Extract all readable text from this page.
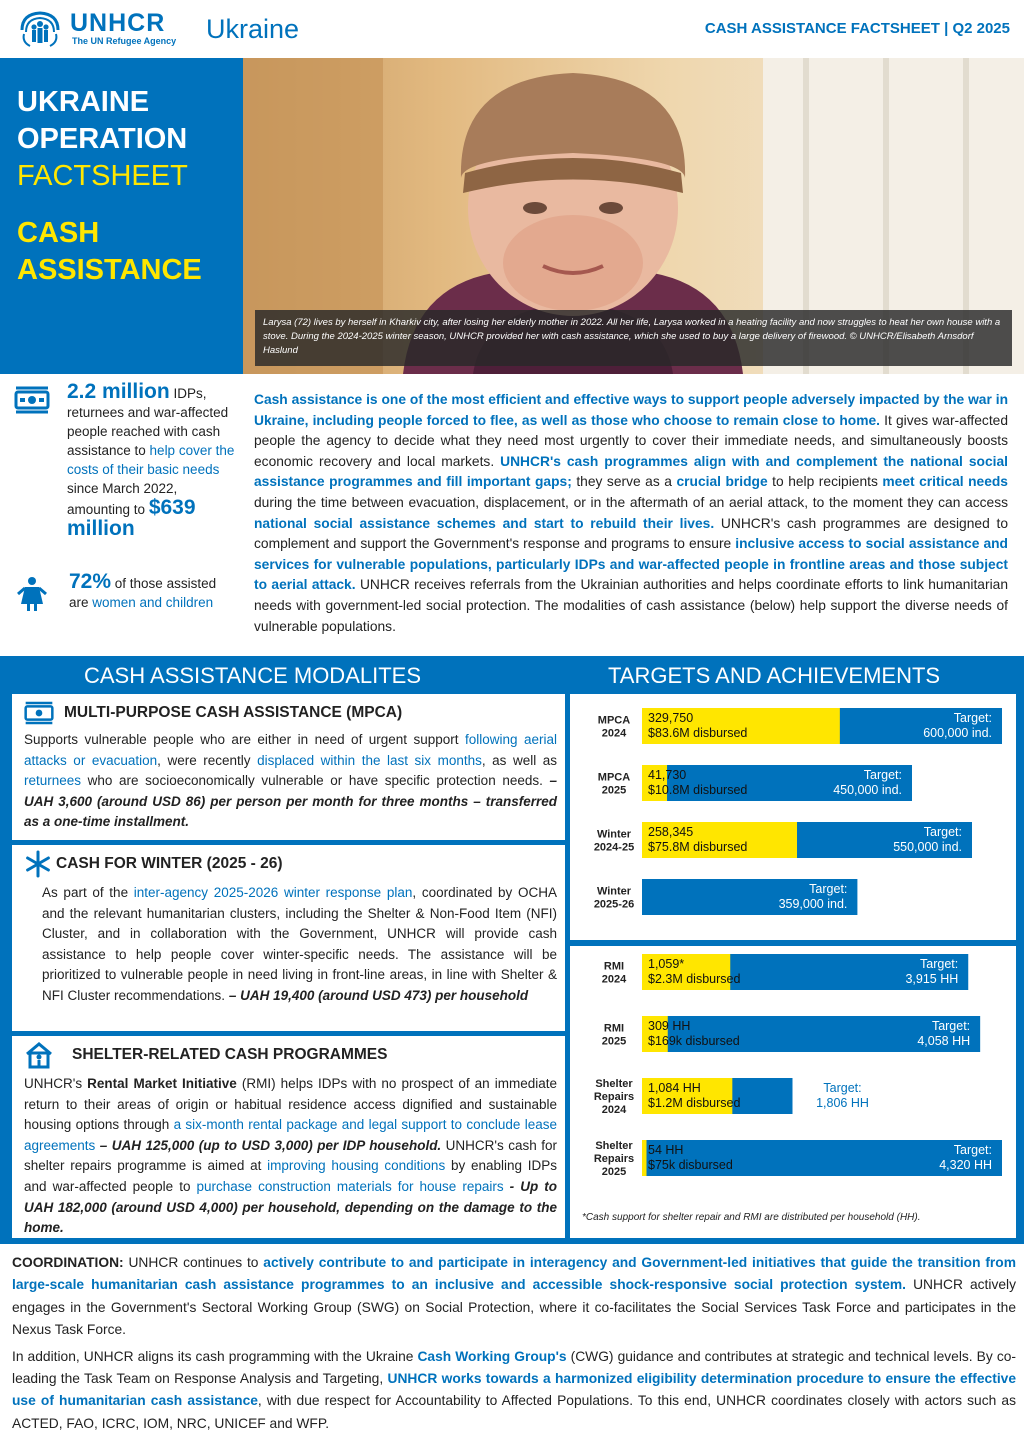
UNHCR
The UN Refugee Agency Ukraine	CASH ASSISTANCE FACTSHEET | Q2 2025
UKRAINE
OPERATION
FACTSHEET
CASH
ASSISTANCE
Larysa (72) lives by herself in Kharkiv city, after losing her elderly mother in 2022. All her life, Larysa worked in a heating facility and now struggles to heat her own house with a stove. During the 2024-2025 winter season, UNHCR provided her with cash assistance, which she used to buy a large delivery of firewood. © UNHCR/Elisabeth Arnsdorf Haslund
2.2 million IDPs, returnees and war-affected people reached with cash assistance to help cover the costs of their basic needs since March 2022, amounting to $639 million
72% of those assisted are women and children
Cash assistance is one of the most efficient and effective ways to support people adversely impacted by the war in Ukraine, including people forced to flee, as well as those who choose to remain close to home. It gives war-affected people the agency to decide what they need most urgently to cover their immediate needs, and simultaneously boosts economic recovery and local markets. UNHCR's cash programmes align with and complement the national social assistance programmes and fill important gaps; they serve as a crucial bridge to help recipients meet critical needs during the time between evacuation, displacement, or in the aftermath of an aerial attack, to the moment they can access national social assistance schemes and start to rebuild their lives. UNHCR's cash programmes are designed to complement and support the Government's response and programs to ensure inclusive access to social assistance and services for vulnerable populations, particularly IDPs and war-affected people in frontline areas and those subject to aerial attack. UNHCR receives referrals from the Ukrainian authorities and helps coordinate efforts to link humanitarian needs with government-led social protection. The modalities of cash assistance (below) help support the diverse needs of vulnerable populations.
CASH ASSISTANCE MODALITES	TARGETS AND ACHIEVEMENTS
MULTI-PURPOSE CASH ASSISTANCE (MPCA)
Supports vulnerable people who are either in need of urgent support following aerial attacks or evacuation, were recently displaced within the last six months, as well as returnees who are socioeconomically vulnerable or have specific protection needs. – UAH 3,600 (around USD 86) per person per month for three months – transferred as a one-time installment.
CASH FOR WINTER (2025 - 26)
As part of the inter-agency 2025-2026 winter response plan, coordinated by OCHA and the relevant humanitarian clusters, including the Shelter & Non-Food Item (NFI) Cluster, and in collaboration with the Government, UNHCR will provide cash assistance to help people cover winter-specific needs. The assistance will be prioritized to vulnerable people in need living in front-line areas, in line with Shelter & NFI Cluster recommendations. – UAH 19,400 (around USD 473) per household
SHELTER-RELATED CASH PROGRAMMES
UNHCR's Rental Market Initiative (RMI) helps IDPs with no prospect of an immediate return to their areas of origin or habitual residence access dignified and sustainable housing options through a six-month rental package and legal support to conclude lease agreements – UAH 125,000 (up to USD 3,000) per IDP household. UNHCR's cash for shelter repairs programme is aimed at improving housing conditions by enabling IDPs and war-affected people to purchase construction materials for house repairs - Up to UAH 182,000 (around USD 4,000) per household, depending on the damage to the home.
MPCA
2024
Target:
600,000 ind.
329,750
$83.6M disbursed
MPCA
2025
Target:
450,000 ind.
41,730
$10.8M disbursed
Winter
2024-25
Target:
550,000 ind.
258,345
$75.8M disbursed
Winter
2025-26
Target:
359,000 ind.
RMI
2024
Target:
3,915 HH
1,059*
$2.3M disbursed
RMI
2025
Target:
4,058 HH
309 HH
$169k disbursed
Shelter
Repairs
2024
Target:
1,806 HH
1,084 HH
$1.2M disbursed
Shelter
Repairs
2025
Target:
4,320 HH
54 HH
$75k disbursed
*Cash support for shelter repair and RMI are distributed per household (HH).

COORDINATION: UNHCR continues to actively contribute to and participate in interagency and Government-led initiatives that guide the transition from large-scale humanitarian cash assistance programmes to an inclusive and accessible shock-responsive social protection system. UNHCR actively engages in the Government's Sectoral Working Group (SWG) on Social Protection, where it co-facilitates the Social Services Task Force and participates in the Nexus Task Force.

In addition, UNHCR aligns its cash programming with the Ukraine Cash Working Group's (CWG) guidance and contributes at strategic and technical levels. By co-leading the Task Team on Response Analysis and Targeting, UNHCR works towards a harmonized eligibility determination procedure to ensure the effective use of humanitarian cash assistance, with due respect for Accountability to Affected Populations. To this end, UNHCR coordinates closely with actors such as ACTED, FAO, ICRC, IOM, NRC, UNICEF and WFP.
